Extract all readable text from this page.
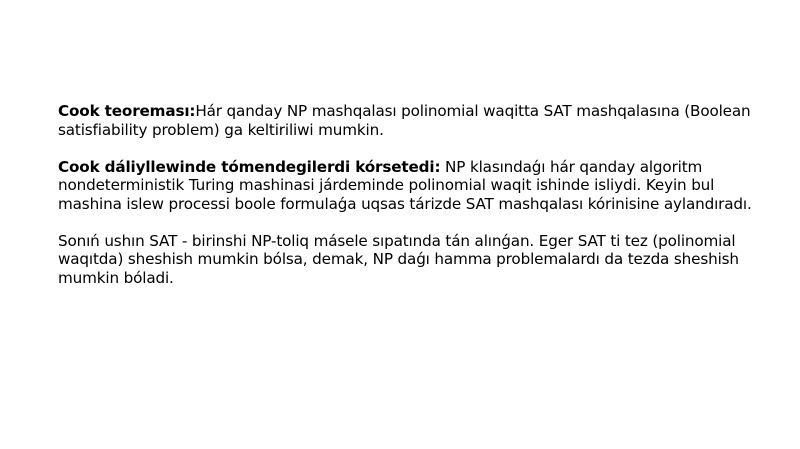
Cook teoreması:Hár qanday NP mashqalası polinomial waqitta SAT mashqalasına (Boolean satisfiability problem) ga keltiriliwi mumkin.

Cook dáliyllewinde tómendegilerdi kórsetedi: NP klasındaǵı hár qanday algoritm nondeterministik Turing mashinasi járdeminde polinomial waqit ishinde isliydi. Keyin bul mashina islew processi boole formulaǵa uqsas tárizde SAT mashqalası kórinisine aylandıradı.

Sonıń ushın SAT - birinshi NP-toliq másele sıpatında tán alınǵan. Eger SAT ti tez (polinomial waqıtda) sheshish mumkin bólsa, demak, NP daǵı hamma problemalardı da tezda sheshish mumkin bóladi.
